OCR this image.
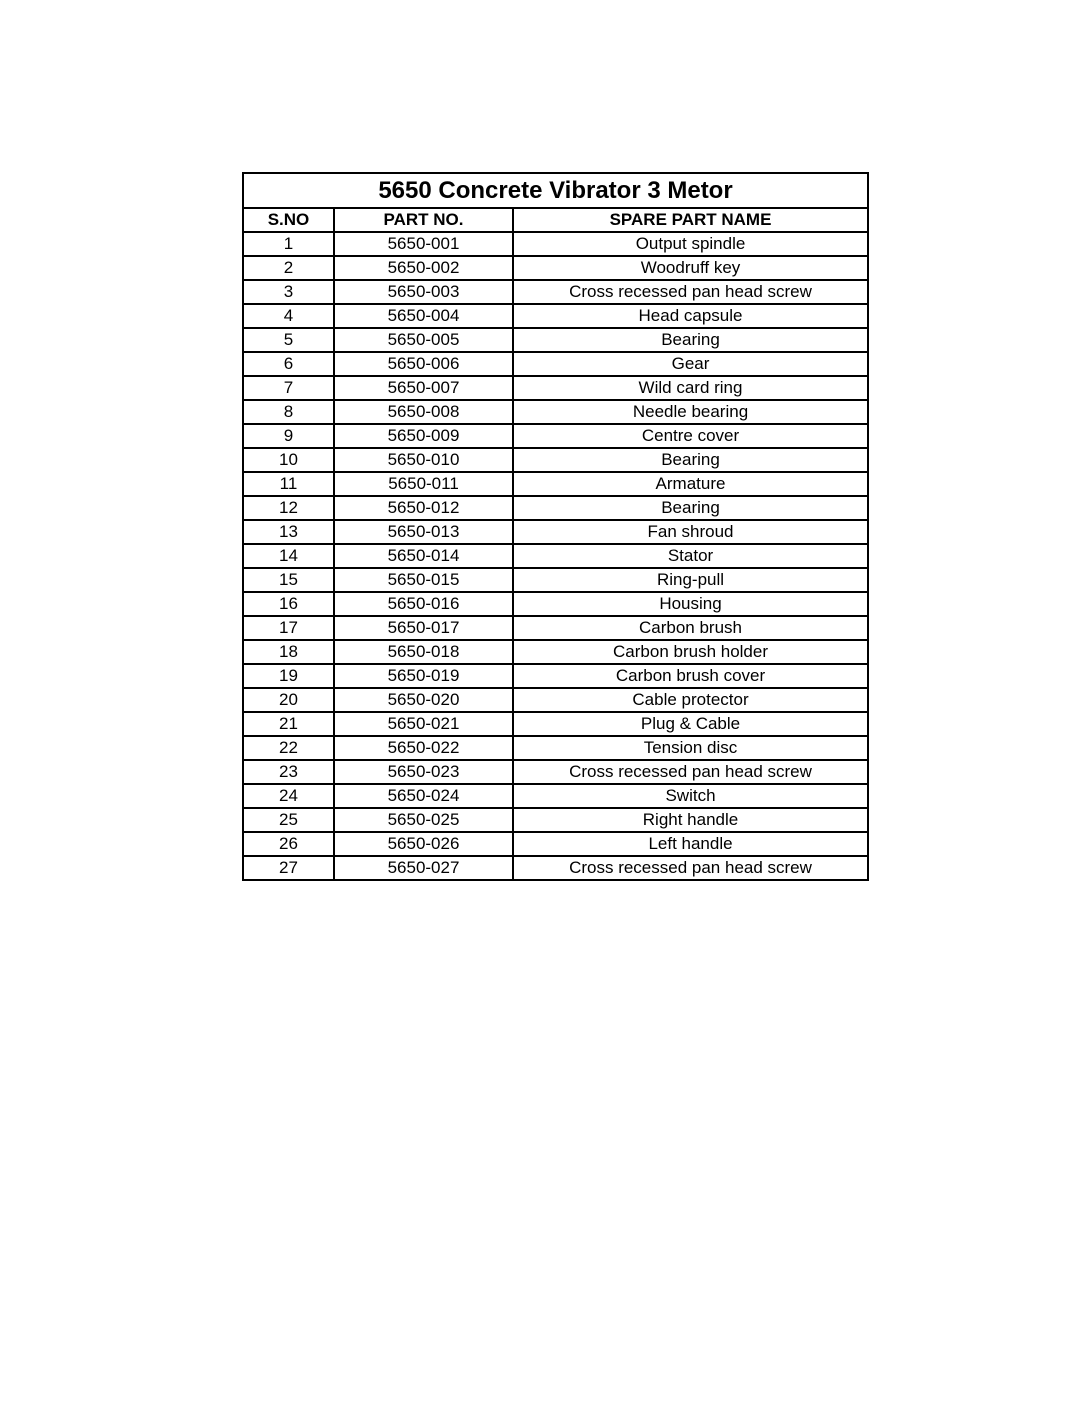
5650 Concrete Vibrator 3 Metor		
S.NO	PART NO.	SPARE PART NAME
1	5650-001	Output spindle
2	5650-002	Woodruff key
3	5650-003	Cross recessed pan head screw
4	5650-004	Head capsule
5	5650-005	Bearing
6	5650-006	Gear
7	5650-007	Wild card ring
8	5650-008	Needle bearing
9	5650-009	Centre cover
10	5650-010	Bearing
11	5650-011	Armature
12	5650-012	Bearing
13	5650-013	Fan shroud
14	5650-014	Stator
15	5650-015	Ring-pull
16	5650-016	Housing
17	5650-017	Carbon brush
18	5650-018	Carbon brush holder
19	5650-019	Carbon brush cover
20	5650-020	Cable protector
21	5650-021	Plug & Cable
22	5650-022	Tension disc
23	5650-023	Cross recessed pan head screw
24	5650-024	Switch
25	5650-025	Right handle
26	5650-026	Left handle
27	5650-027	Cross recessed pan head screw
